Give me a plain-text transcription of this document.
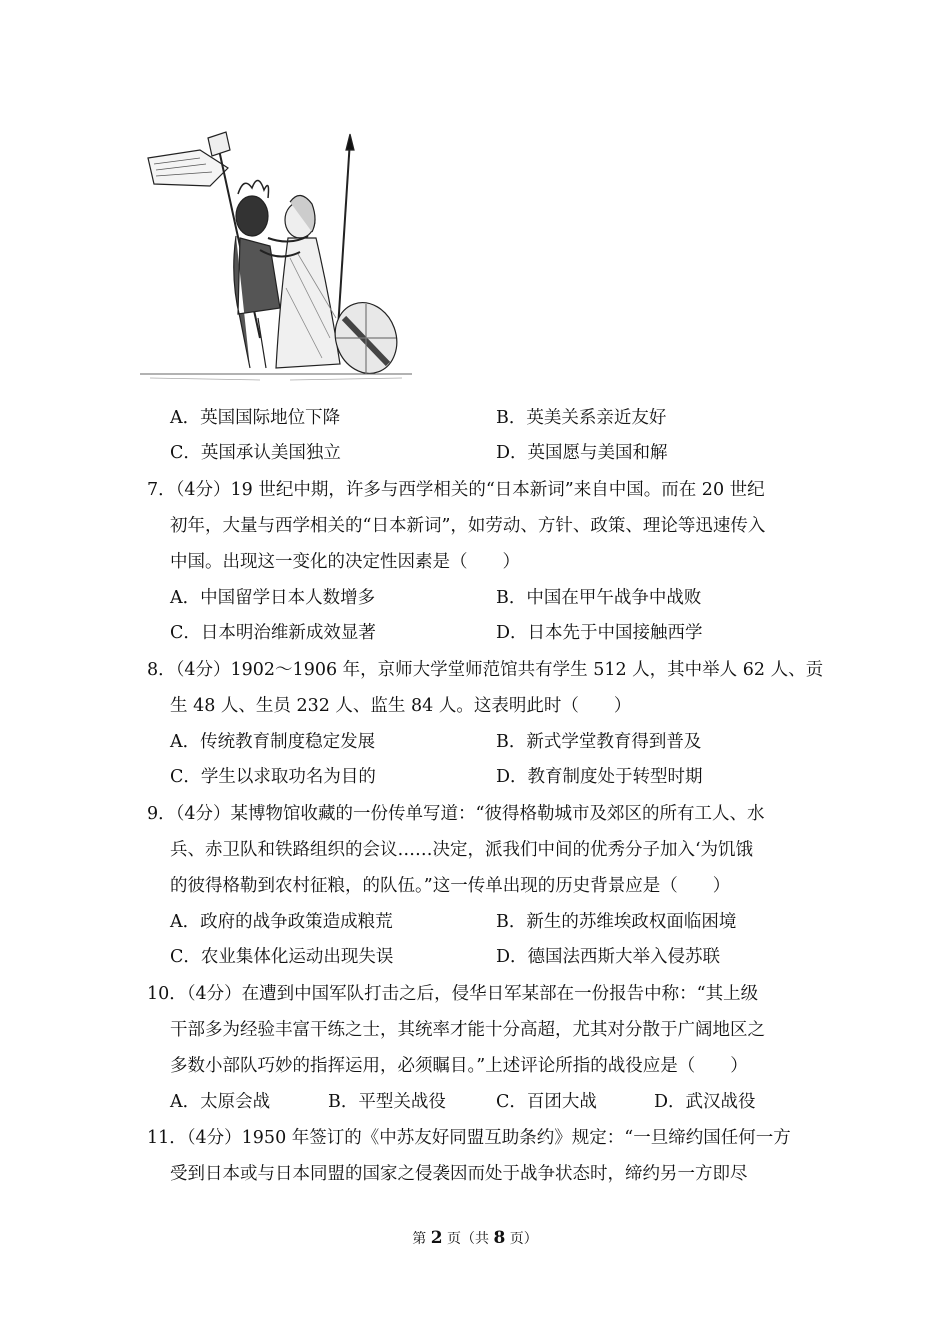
A．英国国际地位下降	B．英美关系亲近友好
C．英国承认美国独立	D．英国愿与美国和解
7．（4分）19 世纪中期，许多与西学相关的“日本新词”来自中国。而在 20 世纪
初年，大量与西学相关的“日本新词”，如劳动、方针、政策、理论等迅速传入
中国。出现这一变化的决定性因素是（　　）
A．中国留学日本人数增多	B．中国在甲午战争中战败
C．日本明治维新成效显著	D．日本先于中国接触西学
8．（4分）1902～1906 年，京师大学堂师范馆共有学生 512 人，其中举人 62 人、贡
生 48 人、生员 232 人、监生 84 人。这表明此时（　　）
A．传统教育制度稳定发展	B．新式学堂教育得到普及
C．学生以求取功名为目的	D．教育制度处于转型时期
9．（4分）某博物馆收藏的一份传单写道：“彼得格勒城市及郊区的所有工人、水
兵、赤卫队和铁路组织的会议……决定，派我们中间的优秀分子加入‘为饥饿
的彼得格勒到农村征粮，的队伍。”这一传单出现的历史背景应是（　　）
A．政府的战争政策造成粮荒	B．新生的苏维埃政权面临困境
C．农业集体化运动出现失误	D．德国法西斯大举入侵苏联
10．（4分）在遭到中国军队打击之后，侵华日军某部在一份报告中称：“其上级
干部多为经验丰富干练之士，其统率才能十分高超，尤其对分散于广阔地区之
多数小部队巧妙的指挥运用，必须瞩目。”上述评论所指的战役应是（　　）
A．太原会战	B．平型关战役	C．百团大战	D．武汉战役
11．（4分）1950 年签订的《中苏友好同盟互助条约》规定：“一旦缔约国任何一方
受到日本或与日本同盟的国家之侵袭因而处于战争状态时，缔约另一方即尽
第 2 页（共 8 页）
